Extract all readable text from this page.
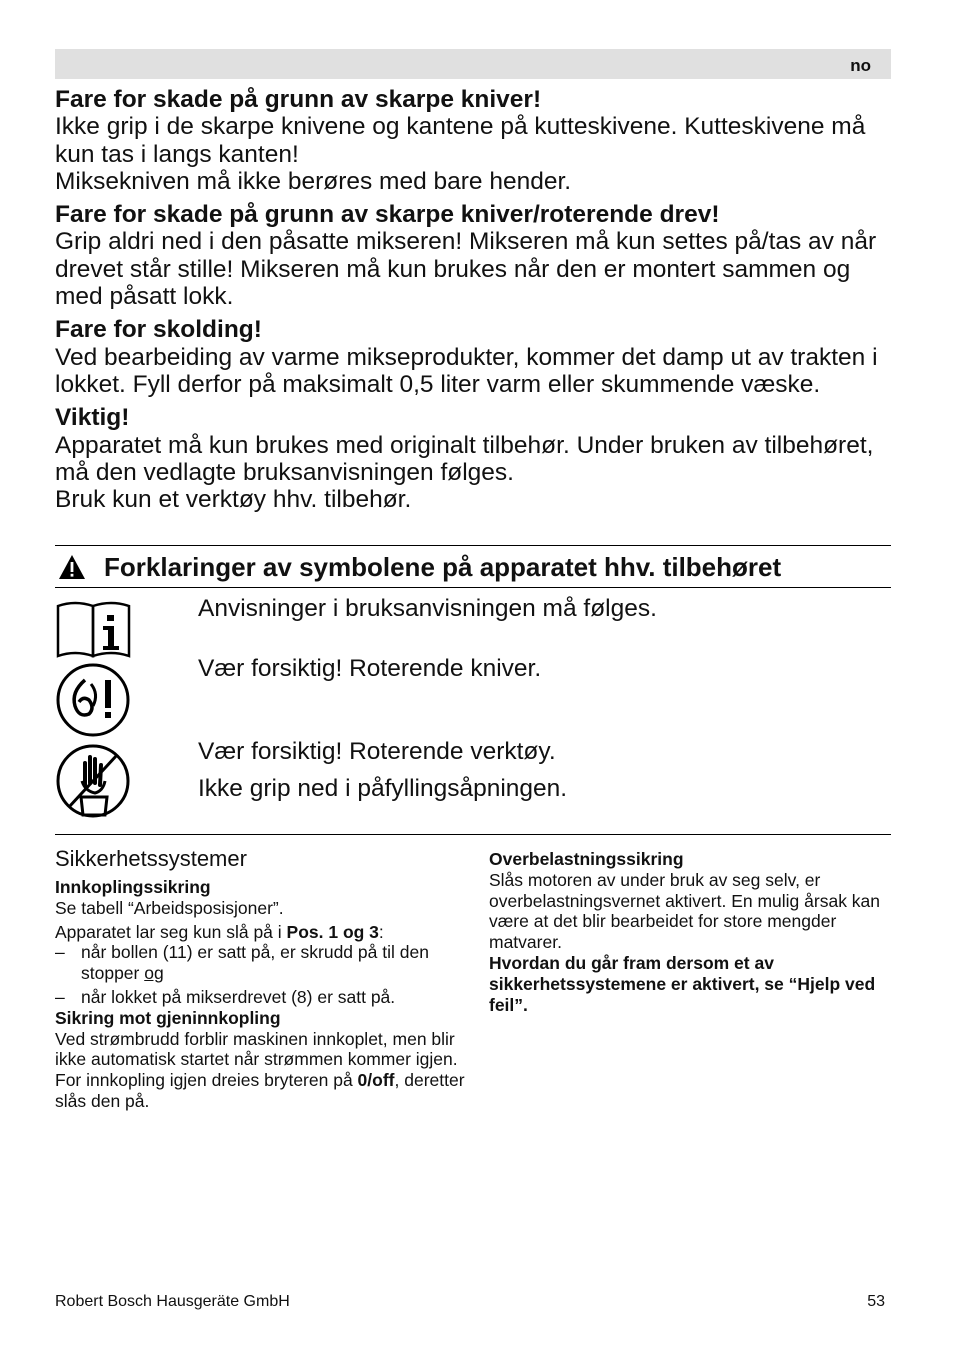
no
Fare for skade på grunn av skarpe kniver!
Ikke grip i de skarpe knivene og kantene på kutteskivene. Kutteskivene må kun tas i langs kanten!
Miksekniven må ikke berøres med bare hender.
Fare for skade på grunn av skarpe kniver/roterende drev!
Grip aldri ned i den påsatte mikseren! Mikseren må kun settes på/tas av når drevet står stille! Mikseren må kun brukes når den er montert sammen og med påsatt lokk.
Fare for skolding!
Ved bearbeiding av varme mikseprodukter, kommer det damp ut av trakten i lokket. Fyll derfor på maksimalt 0,5 liter varm eller skummende væske.
Viktig!
Apparatet må kun brukes med originalt tilbehør. Under bruken av tilbehøret, må den vedlagte bruksanvisningen følges.
Bruk kun et verktøy hhv. tilbehør.
Forklaringer av symbolene på apparatet hhv. tilbehøret
Anvisninger i bruksanvisningen må følges.
Vær forsiktig! Roterende kniver.
Vær forsiktig! Roterende verktøy.
Ikke grip ned i påfyllingsåpningen.
Sikkerhetssystemer
Innkoplingssikring
Se tabell “Arbeidsposisjoner”.
Apparatet lar seg kun slå på i Pos. 1 og 3:
– når bollen (11) er satt på, er skrudd på til den stopper og
– når lokket på mikserdrevet (8) er satt på.
Sikring mot gjeninnkopling
Ved strømbrudd forblir maskinen innkoplet, men blir ikke automatisk startet når strømmen kommer igjen. For innkopling igjen dreies bryteren på 0/off, deretter slås den på.
Overbelastningssikring
Slås motoren av under bruk av seg selv, er overbelastningsvernet aktivert. En mulig årsak kan være at det blir bearbeidet for store mengder matvarer.
Hvordan du går fram dersom et av sikkerhetssystemene er aktivert, se “Hjelp ved feil”.
Robert Bosch Hausgeräte GmbH	53
